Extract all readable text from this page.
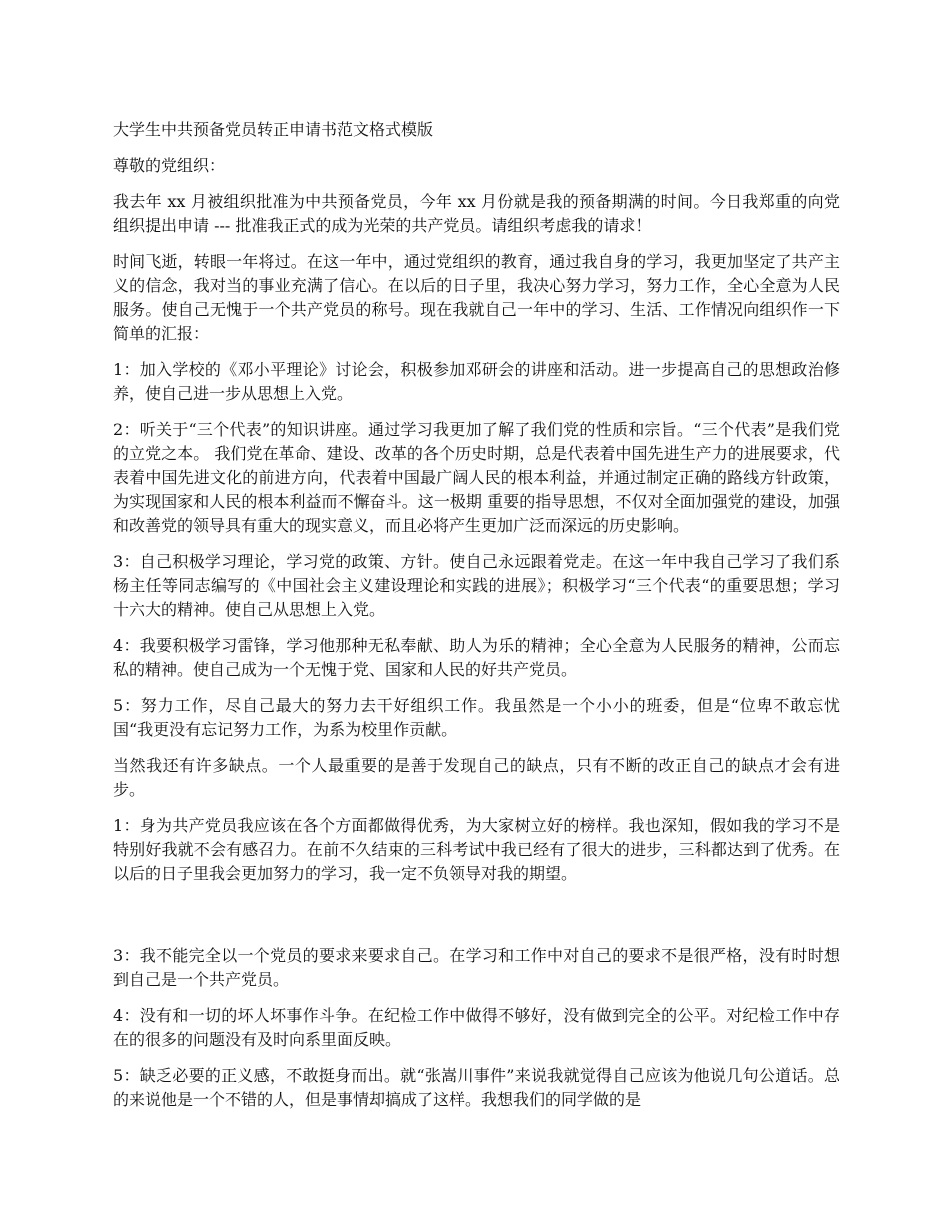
大学生中共预备党员转正申请书范文格式模版
尊敬的党组织：

我去年 xx 月被组织批准为中共预备党员，今年 xx 月份就是我的预备期满的时间。今日我郑重的向党组织提出申请 --- 批准我正式的成为光荣的共产党员。请组织考虑我的请求！

时间飞逝，转眼一年将过。在这一年中，通过党组织的教育，通过我自身的学习，我更加坚定了共产主义的信念，我对当的事业充满了信心。在以后的日子里，我决心努力学习，努力工作，全心全意为人民服务。使自己无愧于一个共产党员的称号。现在我就自己一年中的学习、生活、工作情况向组织作一下简单的汇报：

1：加入学校的《邓小平理论》讨论会，积极参加邓研会的讲座和活动。进一步提高自己的思想政治修养，使自己进一步从思想上入党。

2：听关于“三个代表”的知识讲座。通过学习我更加了解了我们党的性质和宗旨。“三个代表”是我们党的立党之本。 我们党在革命、建设、改革的各个历史时期，总是代表着中国先进生产力的进展要求，代表着中国先进文化的前进方向，代表着中国最广阔人民的根本利益，并通过制定正确的路线方针政策，为实现国家和人民的根本利益而不懈奋斗。这一极期 重要的指导思想，不仅对全面加强党的建设，加强和改善党的领导具有重大的现实意义，而且必将产生更加广泛而深远的历史影响。

3：自己积极学习理论，学习党的政策、方针。使自己永远跟着党走。在这一年中我自己学习了我们系杨主任等同志编写的《中国社会主义建设理论和实践的进展》；积极学习“三个代表“的重要思想；学习十六大的精神。使自己从思想上入党。

4：我要积极学习雷锋，学习他那种无私奉献、助人为乐的精神；全心全意为人民服务的精神，公而忘私的精神。使自己成为一个无愧于党、国家和人民的好共产党员。

5：努力工作，尽自己最大的努力去干好组织工作。我虽然是一个小小的班委，但是“位卑不敢忘忧国“我更没有忘记努力工作，为系为校里作贡献。

当然我还有许多缺点。一个人最重要的是善于发现自己的缺点，只有不断的改正自己的缺点才会有进步。

1：身为共产党员我应该在各个方面都做得优秀，为大家树立好的榜样。我也深知，假如我的学习不是特别好我就不会有感召力。在前不久结束的三科考试中我已经有了很大的进步，三科都达到了优秀。在以后的日子里我会更加努力的学习，我一定不负领导对我的期望。

3：我不能完全以一个党员的要求来要求自己。在学习和工作中对自己的要求不是很严格，没有时时想到自己是一个共产党员。

4：没有和一切的坏人坏事作斗争。在纪检工作中做得不够好，没有做到完全的公平。对纪检工作中存在的很多的问题没有及时向系里面反映。

5：缺乏必要的正义感，不敢挺身而出。就“张嵩川事件”来说我就觉得自己应该为他说几句公道话。总的来说他是一个不错的人，但是事情却搞成了这样。我想我们的同学做的是
